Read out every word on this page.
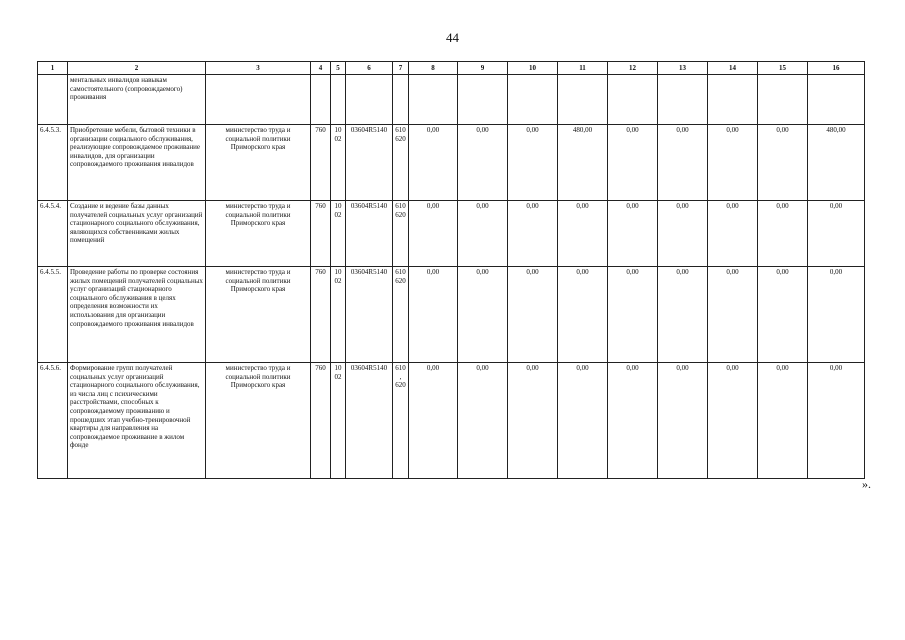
44
1	2	3	4	5	6	7	8	9	10	11	12	13	14	15	16
	ментальных инвалидов навыкам самостоятельного (сопровождаемого) проживания														
6.4.5.3.	Приобретение мебели, бытовой техники в организации социального обслуживания, реализующие сопровождаемое проживание инвалидов, для организации сопровождаемого проживания инвалидов	министерство труда и социальной политики Приморского края	760	1002	03604R5140	610 620	0,00	0,00	0,00	480,00	0,00	0,00	0,00	0,00	480,00
6.4.5.4.	Создание и ведение базы данных получателей социальных услуг организаций стационарного социального обслуживания, являющихся собственниками жилых помещений	министерство труда и социальной политики Приморского края	760	1002	03604R5140	610 620	0,00	0,00	0,00	0,00	0,00	0,00	0,00	0,00	0,00
6.4.5.5.	Проведение работы по проверке состояния жилых помещений получателей социальных услуг организаций стационарного социального обслуживания в целях определения возможности их использования для организации сопровождаемого проживания инвалидов	министерство труда и социальной политики Приморского края	760	1002	03604R5140	610 620	0,00	0,00	0,00	0,00	0,00	0,00	0,00	0,00	0,00
6.4.5.6.	Формирование групп получателей социальных услуг организаций стационарного социального обслуживания, из числа лиц с психическими расстройствами, способных к сопровождаемому проживанию и прошедших этап учебно-тренировочной квартиры для направления на сопровождаемое проживание в жилом фонде	министерство труда и социальной политики Приморского края	760	1002	03604R5140	610, 620	0,00	0,00	0,00	0,00	0,00	0,00	0,00	0,00	0,00
».
